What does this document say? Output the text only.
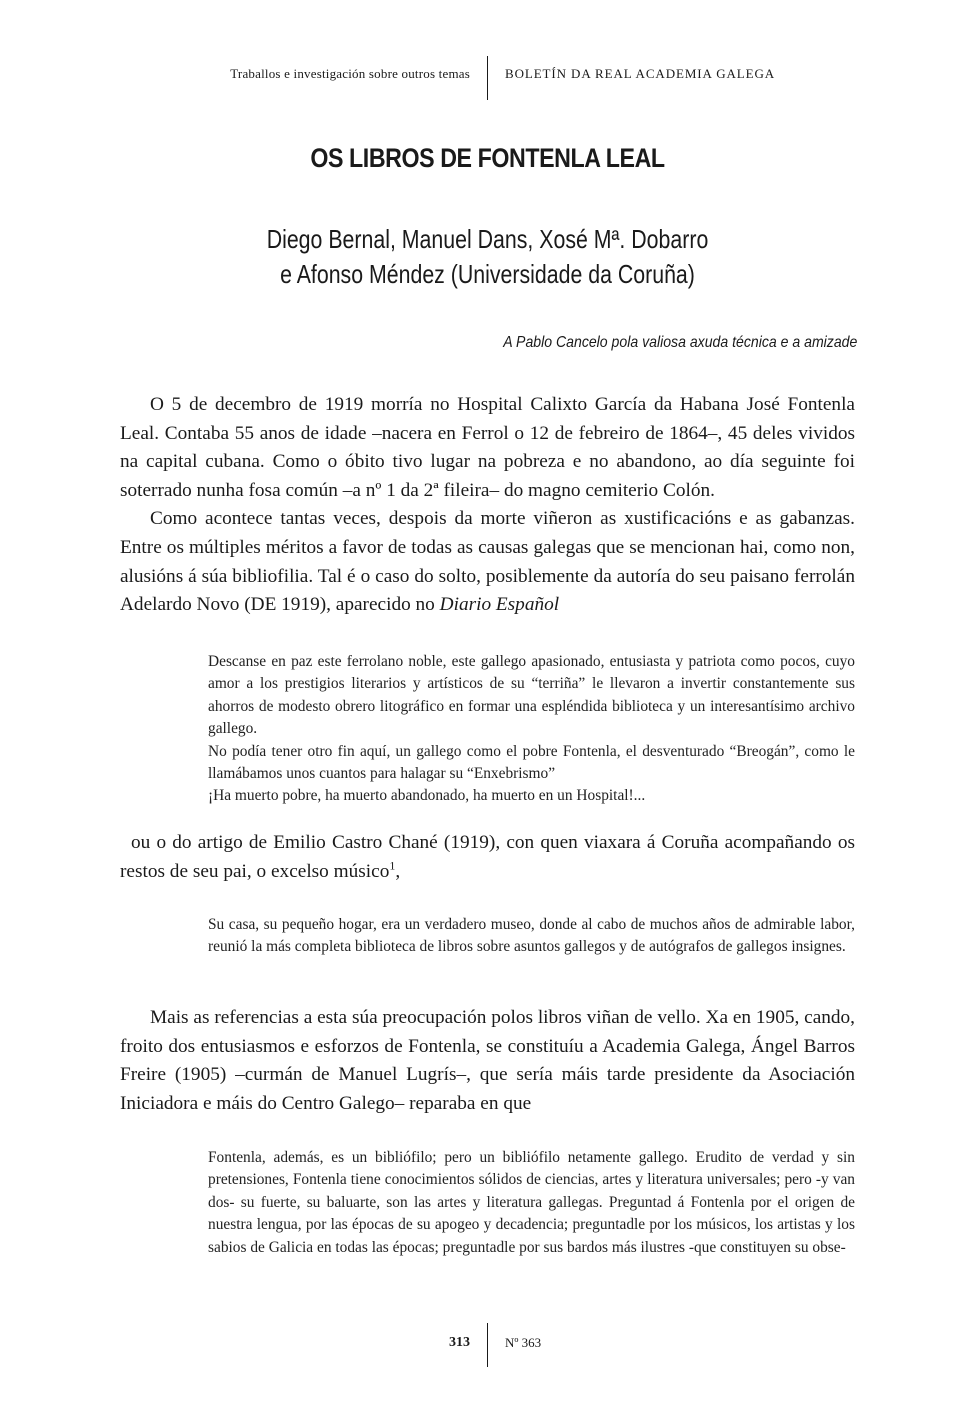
Traballos e investigación sobre outros temas	BOLETÍN DA REAL ACADEMIA GALEGA
OS LIBROS DE FONTENLA LEAL
Diego Bernal, Manuel Dans, Xosé Mª. Dobarro
e Afonso Méndez (Universidade da Coruña)
A Pablo Cancelo pola valiosa axuda técnica e a amizade

O 5 de decembro de 1919 morría no Hospital Calixto García da Habana José Fontenla Leal. Contaba 55 anos de idade –nacera en Ferrol o 12 de febreiro de 1864–, 45 deles vividos na capital cubana. Como o óbito tivo lugar na pobreza e no abandono, ao día seguinte foi soterrado nunha fosa común –a nº 1 da 2ª fileira– do magno cemiterio Colón.

Como acontece tantas veces, despois da morte viñeron as xustificacións e as gabanzas. Entre os múltiples méritos a favor de todas as causas galegas que se mencionan hai, como non, alusións á súa bibliofilia. Tal é o caso do solto, posiblemente da autoría do seu paisano ferrolán Adelardo Novo (DE 1919), aparecido no Diario Español

Descanse en paz este ferrolano noble, este gallego apasionado, entusiasta y patriota como pocos, cuyo amor a los prestigios literarios y artísticos de su “terriña” le llevaron a invertir constantemente sus ahorros de modesto obrero litográfico en formar una espléndida biblioteca y un interesantísimo archivo gallego.

No podía tener otro fin aquí, un gallego como el pobre Fontenla, el desventurado “Breogán”, como le llamábamos unos cuantos para halagar su “Enxebrismo”

¡Ha muerto pobre, ha muerto abandonado, ha muerto en un Hospital!...

ou o do artigo de Emilio Castro Chané (1919), con quen viaxara á Coruña acompañando os restos de seu pai, o excelso músico$^1$,

Su casa, su pequeño hogar, era un verdadero museo, donde al cabo de muchos años de admirable labor, reunió la más completa biblioteca de libros sobre asuntos gallegos y de autógrafos de gallegos insignes.

Mais as referencias a esta súa preocupación polos libros viñan de vello. Xa en 1905, cando, froito dos entusiasmos e esforzos de Fontenla, se constituíu a Academia Galega, Ángel Barros Freire (1905) –curmán de Manuel Lugrís–, que sería máis tarde presidente da Asociación Iniciadora e máis do Centro Galego– reparaba en que

Fontenla, además, es un bibliófilo; pero un bibliófilo netamente gallego. Erudito de verdad y sin pretensiones, Fontenla tiene conocimientos sólidos de ciencias, artes y literatura universales; pero -y van dos- su fuerte, su baluarte, son las artes y literatura gallegas. Preguntad á Fontenla por el origen de nuestra lengua, por las épocas de su apogeo y decadencia; preguntadle por los músicos, los artistas y los sabios de Galicia en todas las épocas; preguntadle por sus bardos más ilustres -que constituyen su obse-

313	Nº 363
